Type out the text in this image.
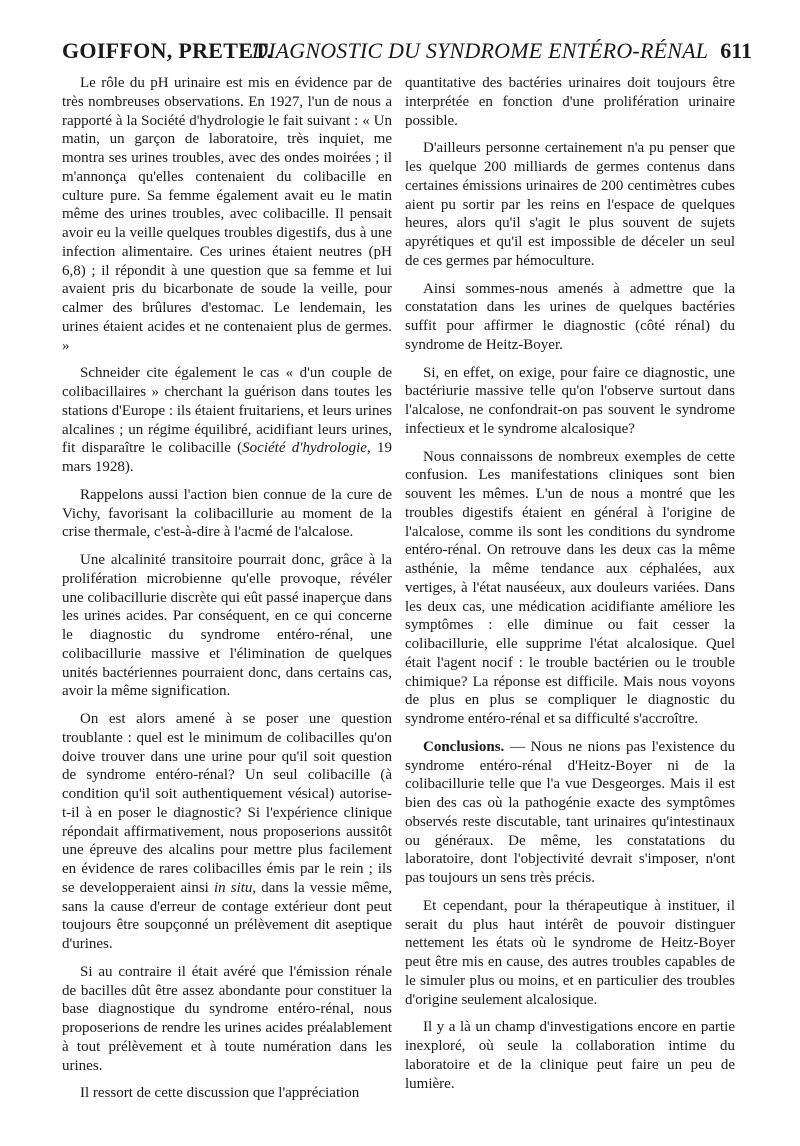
GOIFFON, PRETET.
DIAGNOSTIC DU SYNDROME ENTÉRO-RÉNAL 611

Le rôle du pH urinaire est mis en évidence par de très nombreuses observations. En 1927, l'un de nous a rapporté à la Société d'hydrologie le fait suivant : « Un matin, un garçon de laboratoire, très inquiet, me montra ses urines troubles, avec des ondes moirées ; il m'annonça qu'elles contenaient du colibacille en culture pure. Sa femme également avait eu le matin même des urines troubles, avec colibacille. Il pensait avoir eu la veille quelques troubles digestifs, dus à une infection alimentaire. Ces urines étaient neutres (pH 6,8) ; il répondit à une question que sa femme et lui avaient pris du bicarbonate de soude la veille, pour calmer des brûlures d'estomac. Le lendemain, les urines étaient acides et ne contenaient plus de germes. »

Schneider cite également le cas « d'un couple de colibacillaires » cherchant la guérison dans toutes les stations d'Europe : ils étaient fruitariens, et leurs urines alcalines ; un régime équilibré, acidifiant leurs urines, fit disparaître le colibacille (Société d'hydrologie, 19 mars 1928).

Rappelons aussi l'action bien connue de la cure de Vichy, favorisant la colibacillurie au moment de la crise thermale, c'est-à-dire à l'acmé de l'alcalose.

Une alcalinité transitoire pourrait donc, grâce à la prolifération microbienne qu'elle provoque, révéler une colibacillurie discrète qui eût passé inaperçue dans les urines acides. Par conséquent, en ce qui concerne le diagnostic du syndrome entéro-rénal, une colibacillurie massive et l'élimination de quelques unités bactériennes pourraient donc, dans certains cas, avoir la même signification.

On est alors amené à se poser une question troublante : quel est le minimum de colibacilles qu'on doive trouver dans une urine pour qu'il soit question de syndrome entéro-rénal? Un seul colibacille (à condition qu'il soit authentiquement vésical) autorise-t-il à en poser le diagnostic? Si l'expérience clinique répondait affirmativement, nous proposerions aussitôt une épreuve des alcalins pour mettre plus facilement en évidence de rares colibacilles émis par le rein ; ils se developperaient ainsi in situ, dans la vessie même, sans la cause d'erreur de contage extérieur dont peut toujours être soupçonné un prélèvement dit aseptique d'urines.

Si au contraire il était avéré que l'émission rénale de bacilles dût être assez abondante pour constituer la base diagnostique du syndrome entéro-rénal, nous proposerions de rendre les urines acides préalablement à tout prélèvement et à toute numération dans les urines.

Il ressort de cette discussion que l'appréciation

quantitative des bactéries urinaires doit toujours être interprétée en fonction d'une prolifération urinaire possible.

D'ailleurs personne certainement n'a pu penser que les quelque 200 milliards de germes contenus dans certaines émissions urinaires de 200 centimètres cubes aient pu sortir par les reins en l'espace de quelques heures, alors qu'il s'agit le plus souvent de sujets apyrétiques et qu'il est impossible de déceler un seul de ces germes par hémoculture.

Ainsi sommes-nous amenés à admettre que la constatation dans les urines de quelques bactéries suffit pour affirmer le diagnostic (côté rénal) du syndrome de Heitz-Boyer.

Si, en effet, on exige, pour faire ce diagnostic, une bactériurie massive telle qu'on l'observe surtout dans l'alcalose, ne confondrait-on pas souvent le syndrome infectieux et le syndrome alcalosique?

Nous connaissons de nombreux exemples de cette confusion. Les manifestations cliniques sont bien souvent les mêmes. L'un de nous a montré que les troubles digestifs étaient en général à l'origine de l'alcalose, comme ils sont les conditions du syndrome entéro-rénal. On retrouve dans les deux cas la même asthénie, la même tendance aux céphalées, aux vertiges, à l'état nauséeux, aux douleurs variées. Dans les deux cas, une médication acidifiante améliore les symptômes : elle diminue ou fait cesser la colibacillurie, elle supprime l'état alcalosique. Quel était l'agent nocif : le trouble bactérien ou le trouble chimique? La réponse est difficile. Mais nous voyons de plus en plus se compliquer le diagnostic du syndrome entéro-rénal et sa difficulté s'accroître.

Conclusions. — Nous ne nions pas l'existence du syndrome entéro-rénal d'Heitz-Boyer ni de la colibacillurie telle que l'a vue Desgeorges. Mais il est bien des cas où la pathogénie exacte des symptômes observés reste discutable, tant urinaires qu'intestinaux ou généraux. De même, les constatations du laboratoire, dont l'objectivité devrait s'imposer, n'ont pas toujours un sens très précis.

Et cependant, pour la thérapeutique à instituer, il serait du plus haut intérêt de pouvoir distinguer nettement les états où le syndrome de Heitz-Boyer peut être mis en cause, des autres troubles capables de le simuler plus ou moins, et en particulier des troubles d'origine seulement alcalosique.

Il y a là un champ d'investigations encore en partie inexploré, où seule la collaboration intime du laboratoire et de la clinique peut faire un peu de lumière.
